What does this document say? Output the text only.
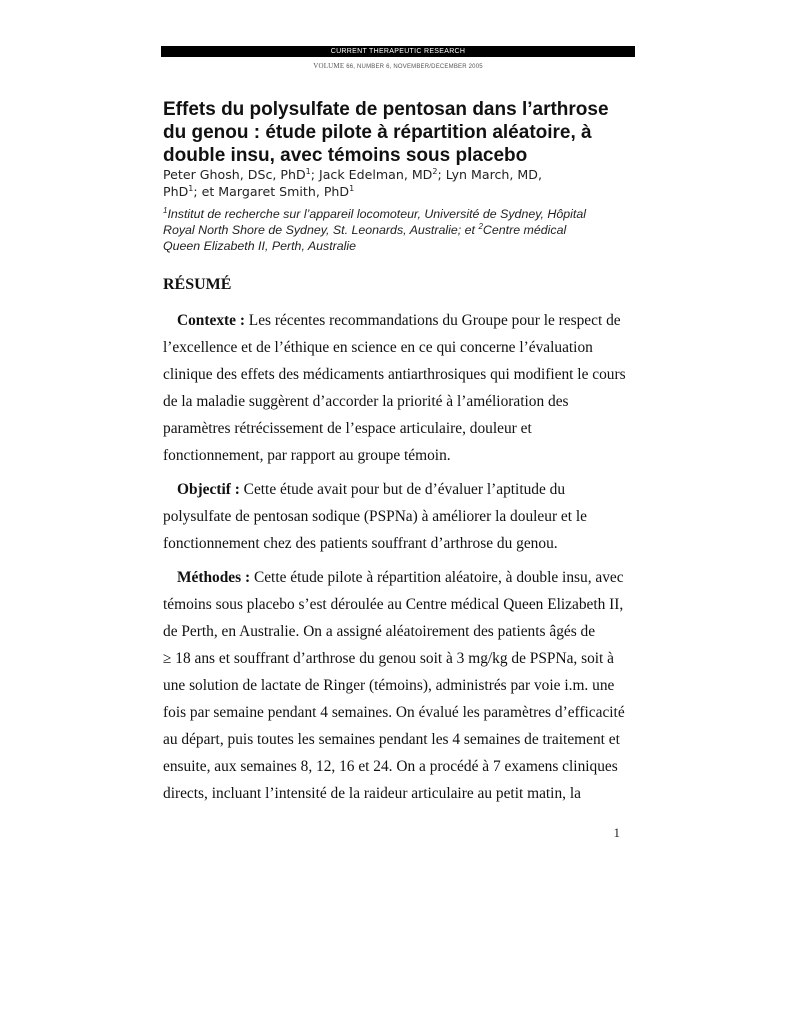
CURRENT THERAPEUTIC RESEARCH
VOLUME 66, NUMBER 6, NOVEMBER/DECEMBER 2005
Effets du polysulfate de pentosan dans l’arthrose
du genou : étude pilote à répartition aléatoire, à
double insu, avec témoins sous placebo
Peter Ghosh, DSc, PhD$^1$; Jack Edelman, $MD^2$; Lyn March, MD,
PhD$^1$; et Margaret Smith, PhD$^1$
$^1$Institut de recherche sur l’appareil locomoteur, Université de Sydney, Hôpital
Royal North Shore de Sydney, St. Leonards, Australie; et $^2$Centre médical
Queen Elizabeth II, Perth, Australie
RÉSUMÉ
Contexte : Les récentes recommandations du Groupe pour le respect de
l’excellence et de l’éthique en science en ce qui concerne l’évaluation
clinique des effets des médicaments antiarthrosiques qui modifient le cours
de la maladie suggèrent d’accorder la priorité à l’amélioration des
paramètres rétrécissement de l’espace articulaire, douleur et
fonctionnement, par rapport au groupe témoin.
Objectif : Cette étude avait pour but de d’évaluer l’aptitude du
polysulfate de pentosan sodique (PSPNa) à améliorer la douleur et le
fonctionnement chez des patients souffrant d’arthrose du genou.
Méthodes : Cette étude pilote à répartition aléatoire, à double insu, avec
témoins sous placebo s’est déroulée au Centre médical Queen Elizabeth II,
de Perth, en Australie. On a assigné aléatoirement des patients âgés de
≥ 18 ans et souffrant d’arthrose du genou soit à 3 mg/kg de PSPNa, soit à
une solution de lactate de Ringer (témoins), administrés par voie i.m. une
fois par semaine pendant 4 semaines. On évalué les paramètres d’efficacité
au départ, puis toutes les semaines pendant les 4 semaines de traitement et
ensuite, aux semaines 8, 12, 16 et 24. On a procédé à 7 examens cliniques
directs, incluant l’intensité de la raideur articulaire au petit matin, la
1
